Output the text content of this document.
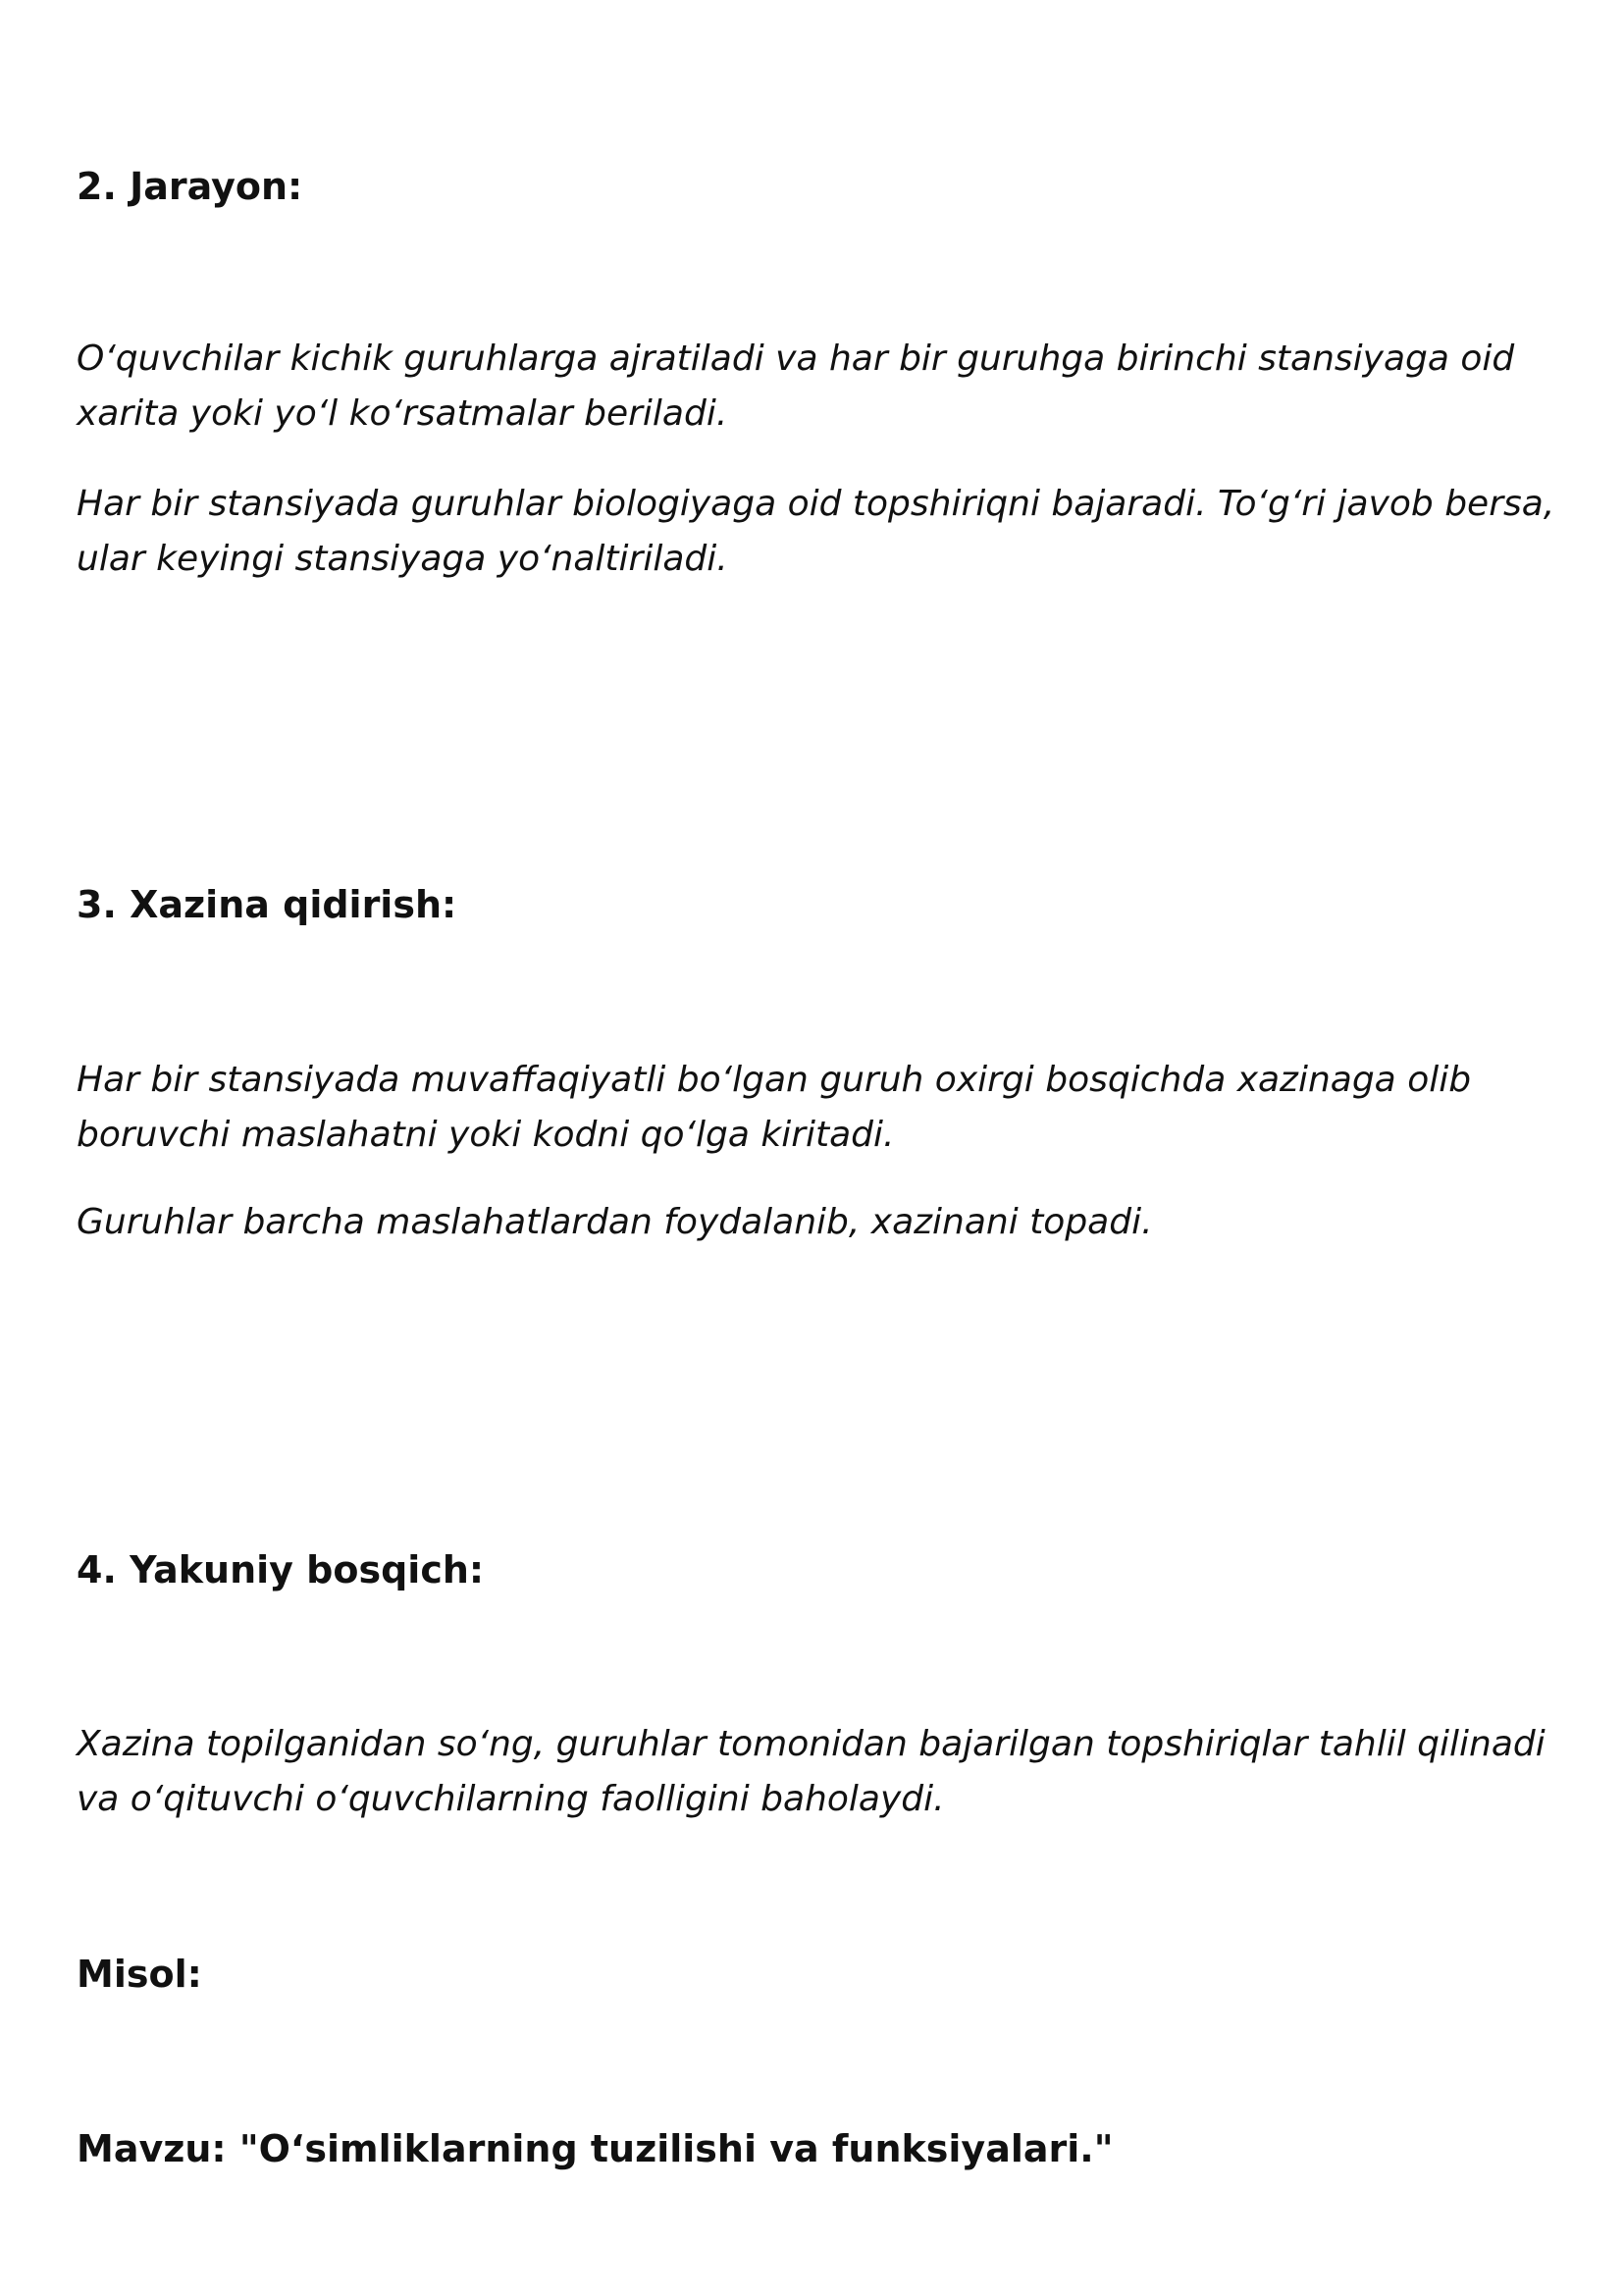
2. Jarayon:

O‘quvchilar kichik guruhlarga ajratiladi va har bir guruhga birinchi stansiyaga oid xarita yoki yo‘l ko‘rsatmalar beriladi.

Har bir stansiyada guruhlar biologiyaga oid topshiriqni bajaradi. To‘g‘ri javob bersa, ular keyingi stansiyaga yo‘naltiriladi.

3. Xazina qidirish:

Har bir stansiyada muvaffaqiyatli bo‘lgan guruh oxirgi bosqichda xazinaga olib boruvchi maslahatni yoki kodni qo‘lga kiritadi.

Guruhlar barcha maslahatlardan foydalanib, xazinani topadi.

4. Yakuniy bosqich:

Xazina topilganidan so‘ng, guruhlar tomonidan bajarilgan topshiriqlar tahlil qilinadi va o‘qituvchi o‘quvchilarning faolligini baholaydi.

Misol:
Mavzu: "O‘simliklarning tuzilishi va funksiyalari."
